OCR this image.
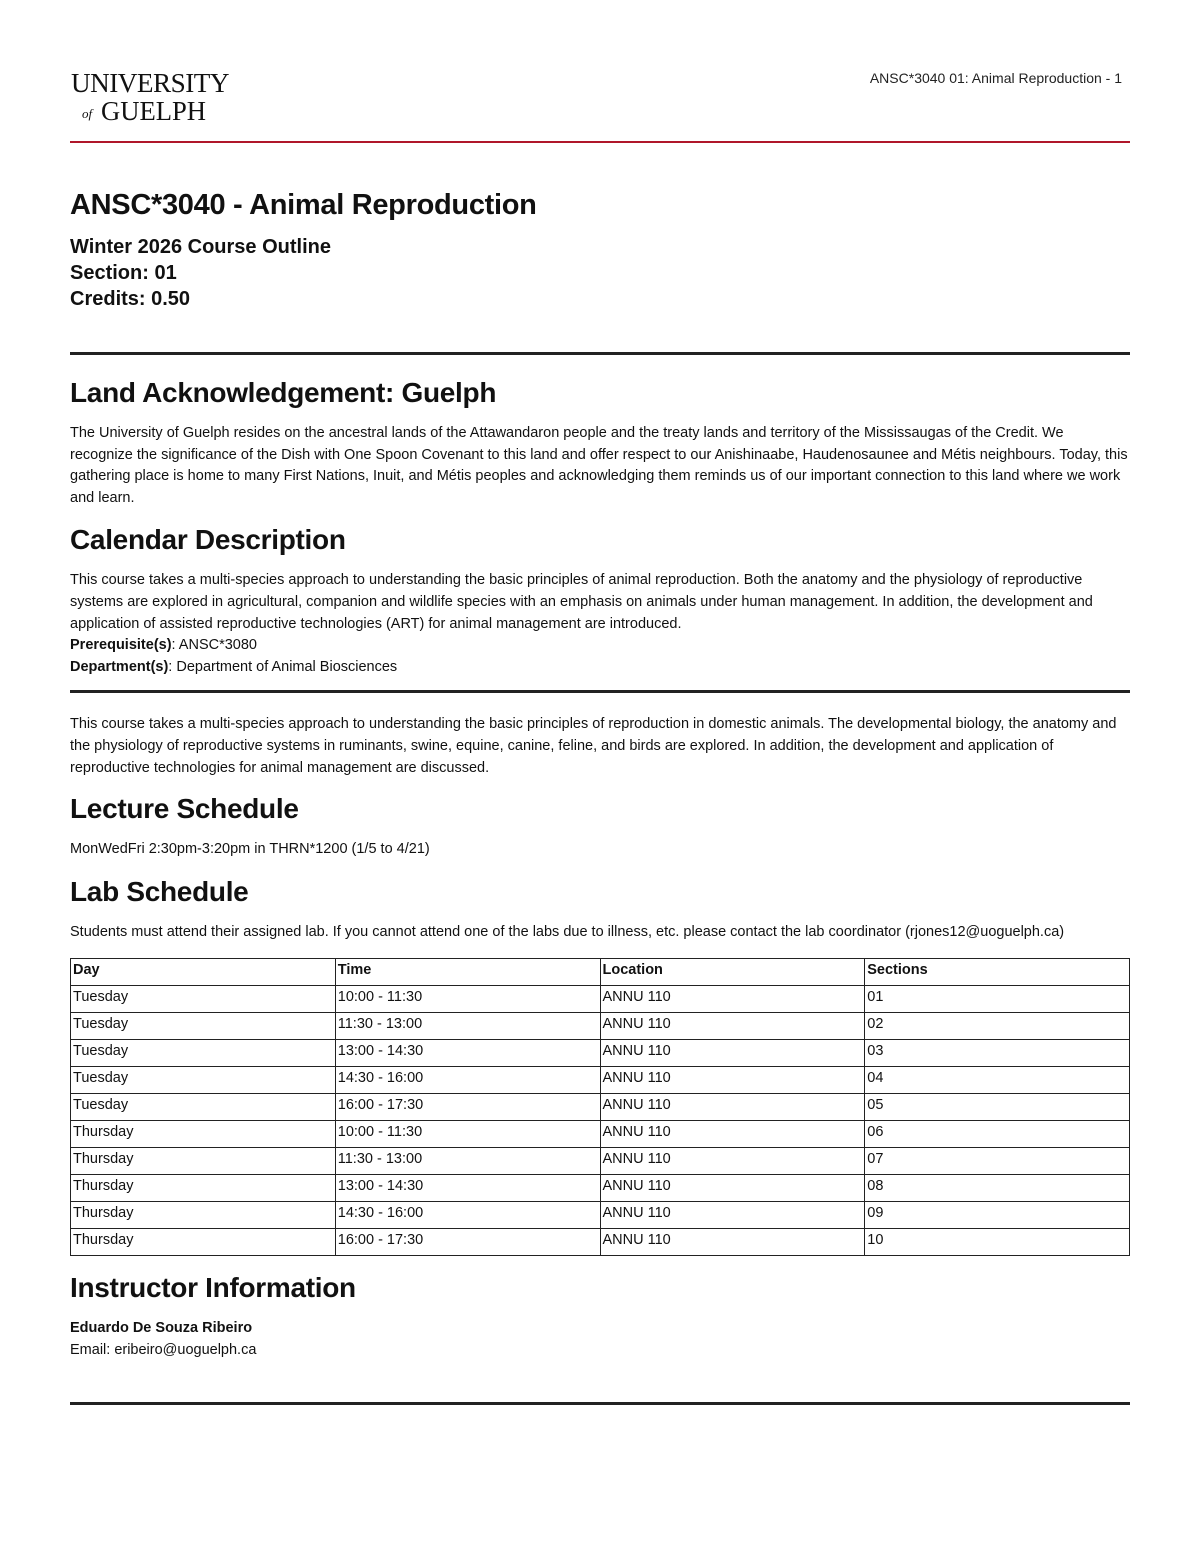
UNIVERSITY
of GUELPH
ANSC*3040 01: Animal Reproduction - 1
ANSC*3040 - Animal Reproduction

Winter 2026 Course Outline

Section: 01

Credits: 0.50

Land Acknowledgement: Guelph

The University of Guelph resides on the ancestral lands of the Attawandaron people and the treaty lands and territory of the Mississaugas of the Credit. We recognize the significance of the Dish with One Spoon Covenant to this land and offer respect to our Anishinaabe, Haudenosaunee and Métis neighbours. Today, this gathering place is home to many First Nations, Inuit, and Métis peoples and acknowledging them reminds us of our important connection to this land where we work and learn.

Calendar Description

This course takes a multi-species approach to understanding the basic principles of animal reproduction. Both the anatomy and the physiology of reproductive systems are explored in agricultural, companion and wildlife species with an emphasis on animals under human management. In addition, the development and application of assisted reproductive technologies (ART) for animal management are introduced.

Prerequisite(s): ANSC*3080

Department(s): Department of Animal Biosciences

This course takes a multi-species approach to understanding the basic principles of reproduction in domestic animals. The developmental biology, the anatomy and the physiology of reproductive systems in ruminants, swine, equine, canine, feline, and birds are explored. In addition, the development and application of reproductive technologies for animal management are discussed.

Lecture Schedule

MonWedFri 2:30pm-3:20pm in THRN*1200 (1/5 to 4/21)

Lab Schedule

Students must attend their assigned lab. If you cannot attend one of the labs due to illness, etc. please contact the lab coordinator (rjones12@uoguelph.ca)

Day	Time	Location	Sections
Tuesday	10:00 - 11:30	ANNU 110	01
Tuesday	11:30 - 13:00	ANNU 110	02
Tuesday	13:00 - 14:30	ANNU 110	03
Tuesday	14:30 - 16:00	ANNU 110	04
Tuesday	16:00 - 17:30	ANNU 110	05
Thursday	10:00 - 11:30	ANNU 110	06
Thursday	11:30 - 13:00	ANNU 110	07
Thursday	13:00 - 14:30	ANNU 110	08
Thursday	14:30 - 16:00	ANNU 110	09
Thursday	16:00 - 17:30	ANNU 110	10
Instructor Information

Eduardo De Souza Ribeiro

Email: eribeiro@uoguelph.ca
